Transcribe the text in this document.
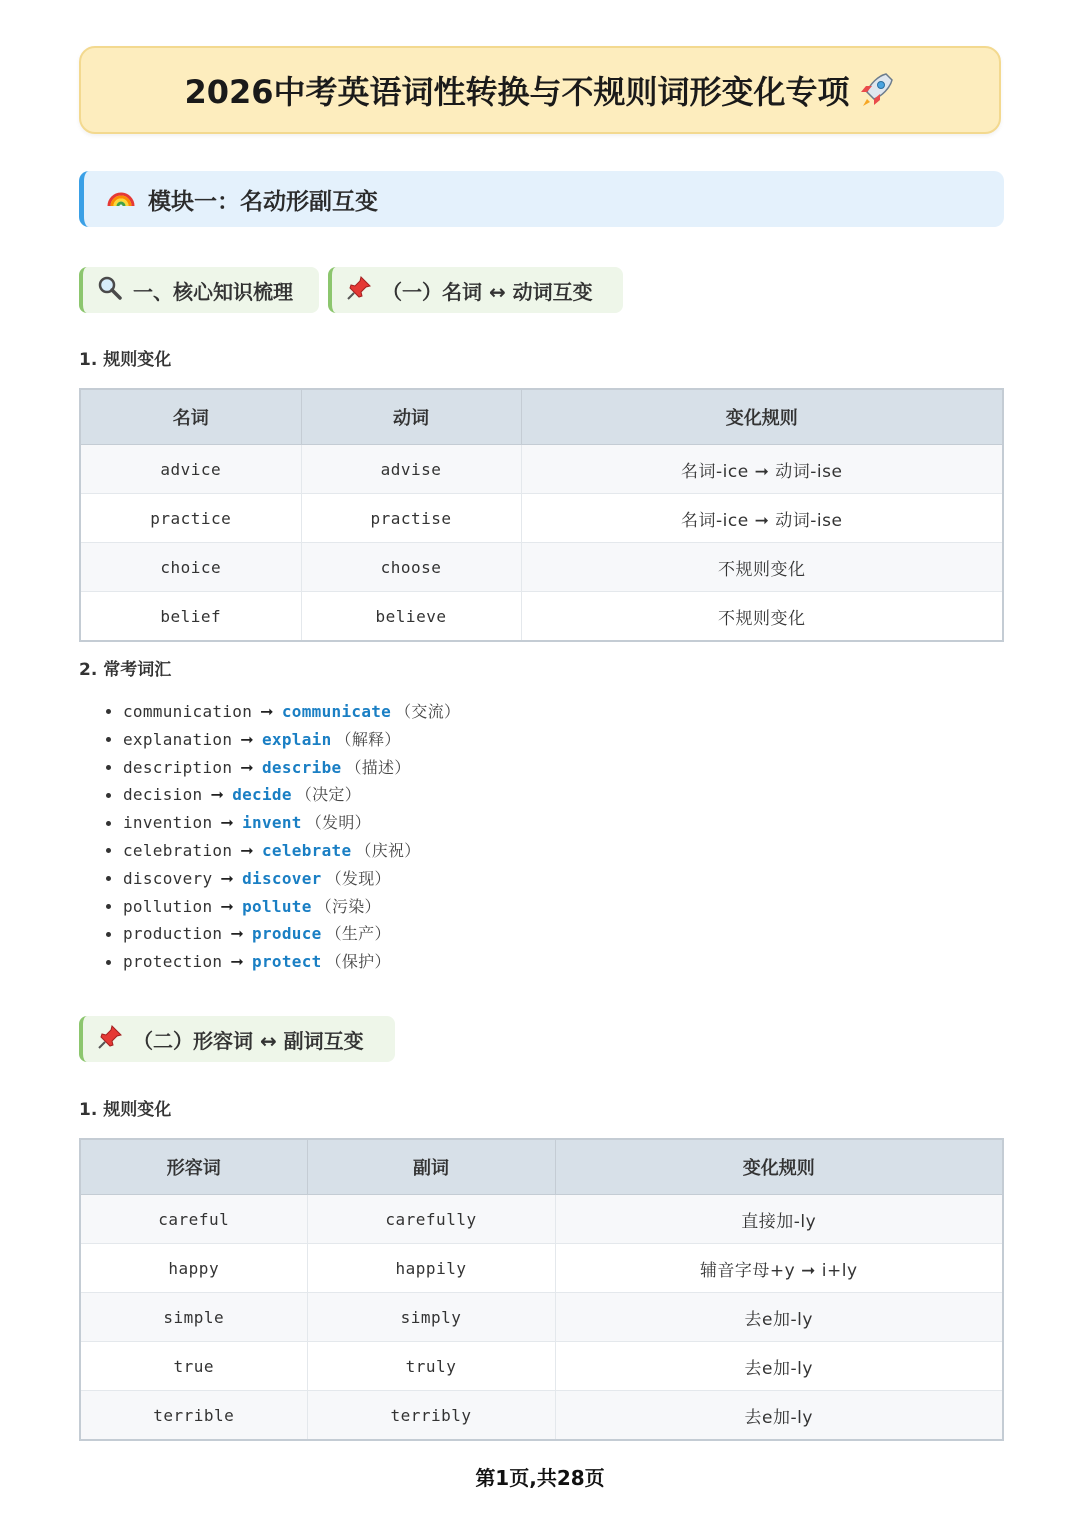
2026中考英语词性转换与不规则词形变化专项
模块一：名动形副互变
一、核心知识梳理	（一）名词 ↔ 动词互变
1. 规则变化
名词	动词	变化规则
advice	advise	名词-ice ➞ 动词-ise
practice	practise	名词-ice ➞ 动词-ise
choice	choose	不规则变化
belief	believe	不规则变化
2. 常考词汇
communication ➞ communicate （交流）
explanation ➞ explain （解释）
description ➞ describe （描述）
decision ➞ decide （决定）
invention ➞ invent （发明）
celebration ➞ celebrate （庆祝）
discovery ➞ discover （发现）
pollution ➞ pollute （污染）
production ➞ produce （生产）
protection ➞ protect （保护）
（二）形容词 ↔ 副词互变
1. 规则变化
形容词	副词	变化规则
careful	carefully	直接加-ly
happy	happily	辅音字母+y ➞ i+ly
simple	simply	去e加-ly
true	truly	去e加-ly
terrible	terribly	去e加-ly
第1页,共28页
